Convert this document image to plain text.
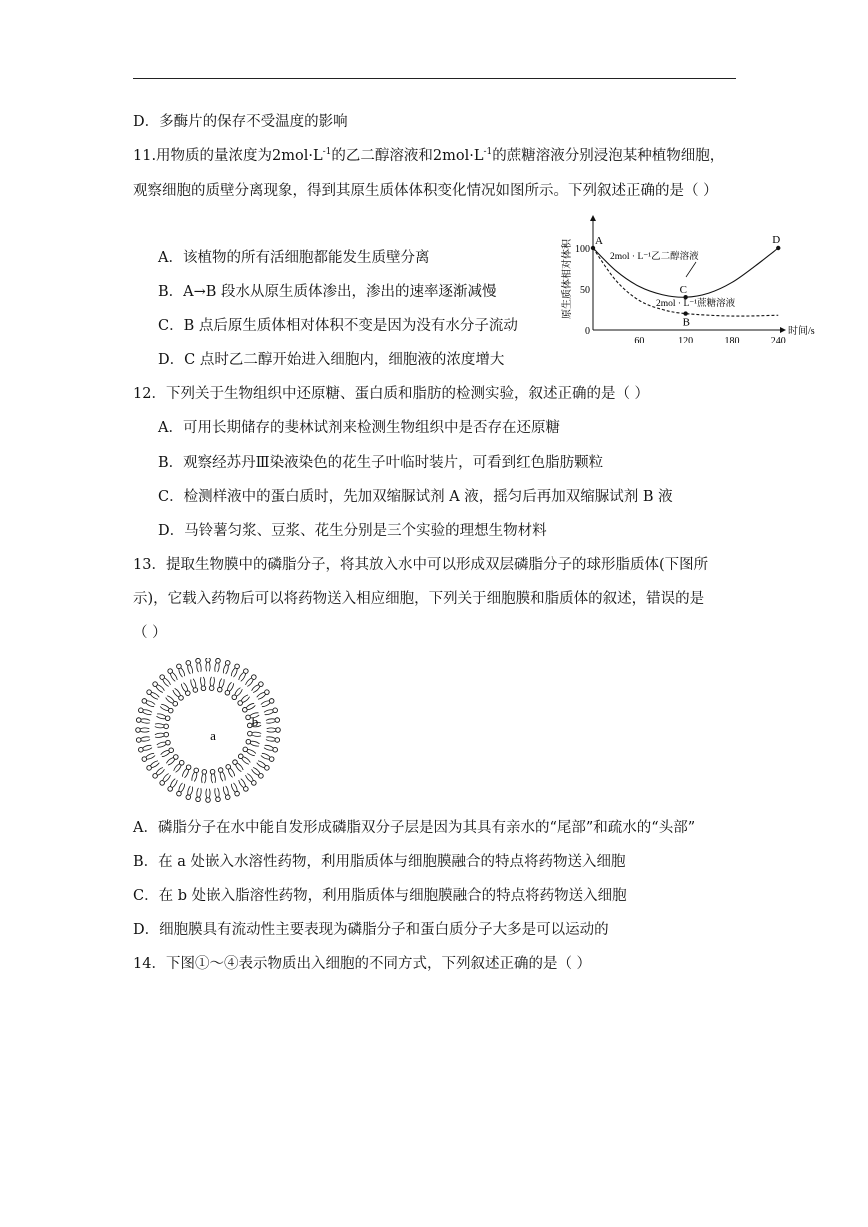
D．多酶片的保存不受温度的影响
11.用物质的量浓度为$2mol\cdot L^{-1}$的乙二醇溶液和$2mol\cdot L^{-1}$的蔗糖溶液分别浸泡某种植物细胞，
观察细胞的质壁分离现象，得到其原生质体体积变化情况如图所示。下列叙述正确的是（ ）
A．该植物的所有活细胞都能发生质壁分离
B．A→B 段水从原生质体渗出，渗出的速率逐渐减慢
C．B 点后原生质体相对体积不变是因为没有水分子流动
D．C 点时乙二醇开始进入细胞内，细胞液的浓度增大
时间/s
原生质体相对体积
60	120	180	240
100
50
0
A
B
C
D
2mol · L⁻¹乙二醇溶液
2mol · L⁻¹蔗糖溶液
12．下列关于生物组织中还原糖、蛋白质和脂肪的检测实验，叙述正确的是（ ）
A．可用长期储存的斐林试剂来检测生物组织中是否存在还原糖
B．观察经苏丹Ⅲ染液染色的花生子叶临时装片，可看到红色脂肪颗粒
C．检测样液中的蛋白质时，先加双缩脲试剂 A 液，摇匀后再加双缩脲试剂 B 液
D．马铃薯匀浆、豆浆、花生分别是三个实验的理想生物材料
13．提取生物膜中的磷脂分子，将其放入水中可以形成双层磷脂分子的球形脂质体(下图所
示)，它载入药物后可以将药物送入相应细胞，下列关于细胞膜和脂质体的叙述，错误的是
（ ）
a
b
A．磷脂分子在水中能自发形成磷脂双分子层是因为其具有亲水的“尾部”和疏水的“头部”
B．在 a 处嵌入水溶性药物，利用脂质体与细胞膜融合的特点将药物送入细胞
C．在 b 处嵌入脂溶性药物，利用脂质体与细胞膜融合的特点将药物送入细胞
D．细胞膜具有流动性主要表现为磷脂分子和蛋白质分子大多是可以运动的
14．下图①～④表示物质出入细胞的不同方式，下列叙述正确的是（ ）
